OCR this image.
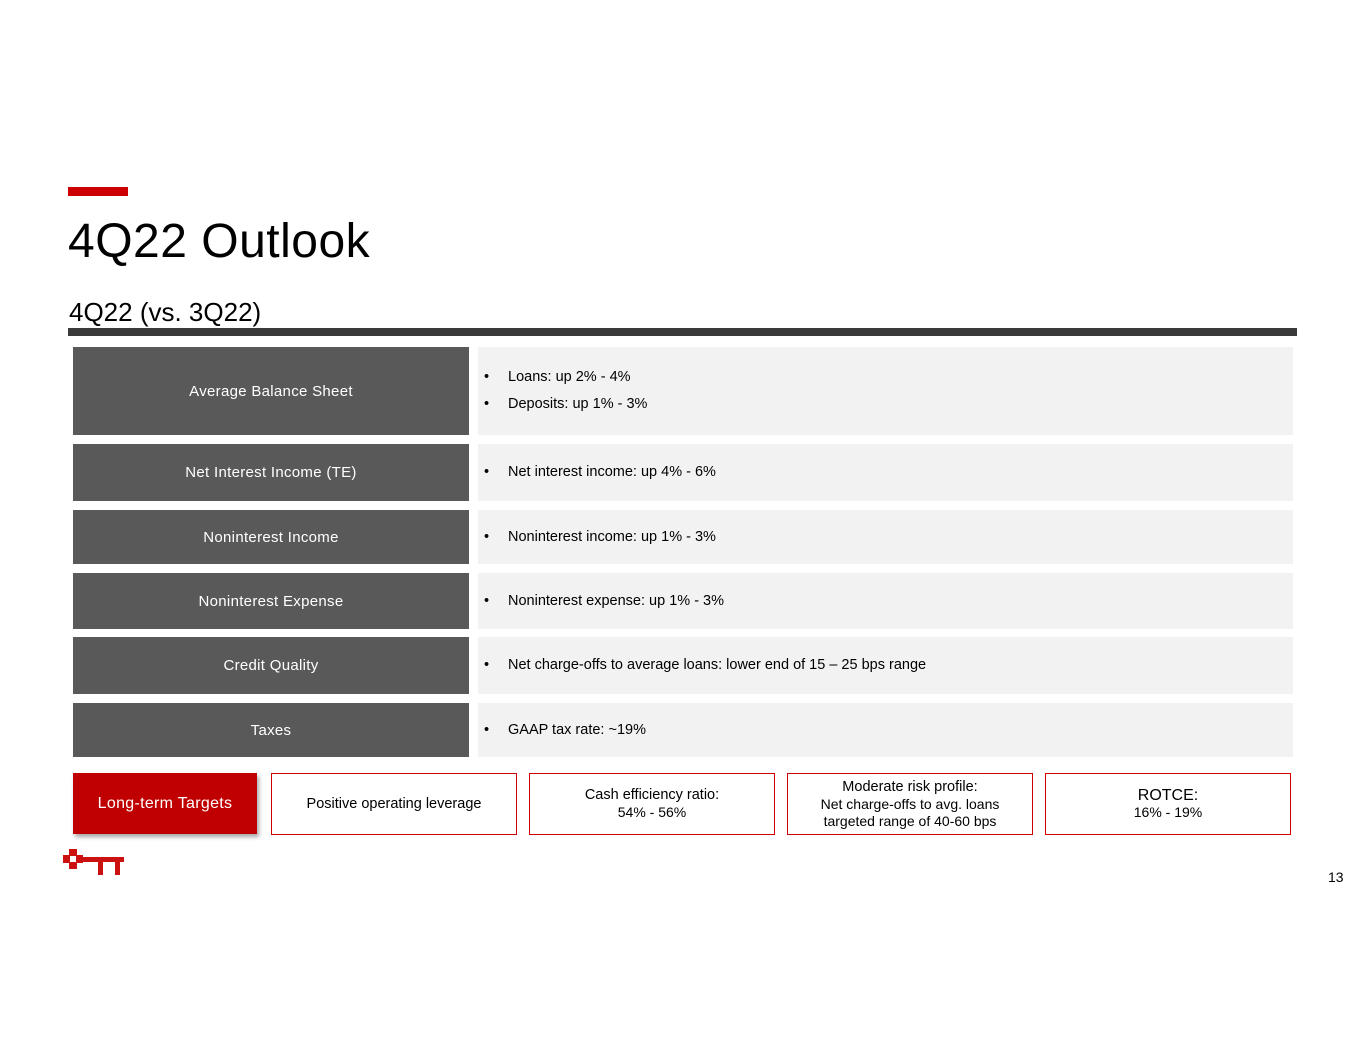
4Q22 Outlook
4Q22 (vs. 3Q22)
Average Balance Sheet
•	Loans: up 2% - 4%
•	Deposits: up 1% - 3%
Net Interest Income (TE)	•	Net interest income: up 4% - 6%
Noninterest Income	•	Noninterest income: up 1% - 3%
Noninterest Expense	•	Noninterest expense: up 1% - 3%
Credit Quality	•	Net charge-offs to average loans: lower end of 15 – 25 bps range
Taxes	•	GAAP tax rate: ~19%
Long-term Targets	Positive operating leverage
Cash efficiency ratio:
54% - 56%
Moderate risk profile:
Net charge-offs to avg. loans
targeted range of 40-60 bps
ROTCE:
16% - 19%
13
